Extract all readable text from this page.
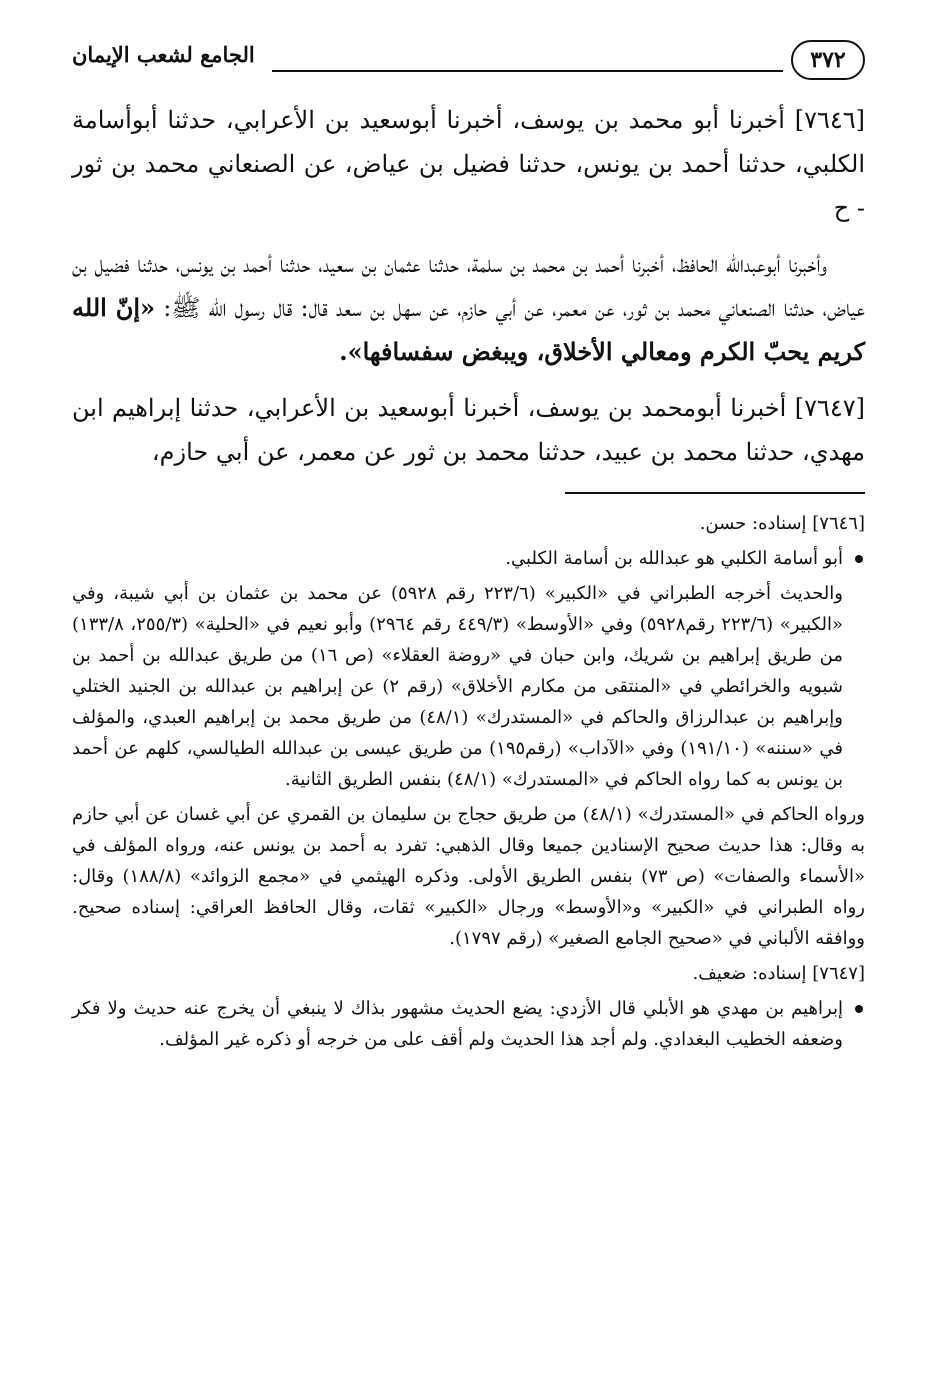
٣٧٢
الجامع لشعب الإيمان

[٧٦٤٦] أخبرنا أبو محمد بن يوسف، أخبرنا أبوسعيد بن الأعرابي، حدثنا أبوأسامة الكلبي، حدثنا أحمد بن يونس، حدثنا فضيل بن عياض، عن الصنعاني محمد بن ثور - ح

وأخبرنا أبوعبدالله الحافظ، أخبرنا أحمد بن محمد بن سلمة، حدثنا عثمان بن سعيد، حدثنا أحمد بن يونس، حدثنا فضيل بن عياض، حدثنا الصنعاني محمد بن ثور، عن معمر، عن أبي حازم، عن سهل بن سعد قال: قال رسول الله ﷺ: «إنّ الله كريم يحبّ الكرم ومعالي الأخلاق، ويبغض سفسافها».

[٧٦٤٧] أخبرنا أبومحمد بن يوسف، أخبرنا أبوسعيد بن الأعرابي، حدثنا إبراهيم ابن مهدي، حدثنا محمد بن عبيد، حدثنا محمد بن ثور عن معمر، عن أبي حازم،

[٧٦٤٦] إسناده: حسن.

أبو أسامة الكلبي هو عبدالله بن أسامة الكلبي.

والحديث أخرجه الطبراني في «الكبير» (٢٢٣/٦ رقم ٥٩٢٨) عن محمد بن عثمان بن أبي شيبة، وفي «الكبير» (٢٢٣/٦ رقم٥٩٢٨) وفي «الأوسط» (٤٤٩/٣ رقم ٢٩٦٤) وأبو نعيم في «الحلية» (٢٥٥/٣، ١٣٣/٨) من طريق إبراهيم بن شريك، وابن حبان في «روضة العقلاء» (ص ١٦) من طريق عبدالله بن أحمد بن شبويه والخرائطي في «المنتقى من مكارم الأخلاق» (رقم ٢) عن إبراهيم بن عبدالله بن الجنيد الختلي وإبراهيم بن عبدالرزاق والحاكم في «المستدرك» (٤٨/١) من طريق محمد بن إبراهيم العبدي، والمؤلف في «سننه» (١٩١/١٠) وفي «الآداب» (رقم١٩٥) من طريق عيسى بن عبدالله الطيالسي، كلهم عن أحمد بن يونس به كما رواه الحاكم في «المستدرك» (٤٨/١) بنفس الطريق الثانية.

ورواه الحاكم في «المستدرك» (٤٨/١) من طريق حجاج بن سليمان بن القمري عن أبي غسان عن أبي حازم به وقال: هذا حديث صحيح الإسنادين جميعا وقال الذهبي: تفرد به أحمد بن يونس عنه، ورواه المؤلف في «الأسماء والصفات» (ص ٧٣) بنفس الطريق الأولى. وذكره الهيثمي في «مجمع الزوائد» (١٨٨/٨) وقال: رواه الطبراني في «الكبير» و«الأوسط» ورجال «الكبير» ثقات، وقال الحافظ العراقي: إسناده صحيح. ووافقه الألباني في «صحيح الجامع الصغير» (رقم ١٧٩٧).

[٧٦٤٧] إسناده: ضعيف.

إبراهيم بن مهدي هو الأبلي قال الأزدي: يضع الحديث مشهور بذاك لا ينبغي أن يخرج عنه حديث ولا فكر وضعفه الخطيب البغدادي. ولم أجد هذا الحديث ولم أقف على من خرجه أو ذكره غير المؤلف.
